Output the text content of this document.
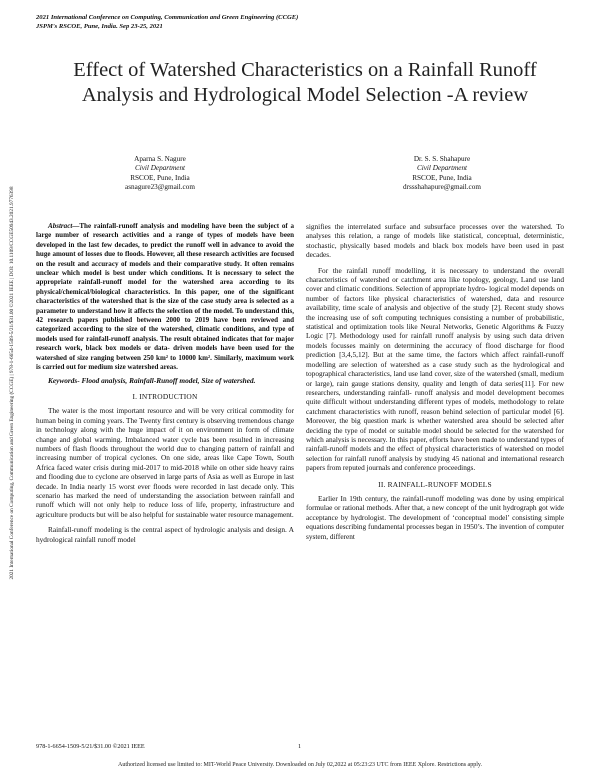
2021 International Conference on Computing, Communication and Green Engineering (CCGE)
JSPM's RSCOE, Pune, India. Sep 23-25, 2021
2021 International Conference on Computing, Communication and Green Engineering (CCGE) | 978-1-6654-1509-5/21/$31.00 ©2021 IEEE | DOI: 10.1109/CCGE50943.2021.9776398
Effect of Watershed Characteristics on a Rainfall Runoff Analysis and Hydrological Model Selection -A review
Aparna S. Nagure
Civil Department
RSCOE, Pune, India
asnagure23@gmail.com
Dr. S. S. Shahapure
Civil Department
RSCOE, Pune, India
drssshahapure@gmail.com

Abstract—The rainfall-runoff analysis and modeling have been the subject of a large number of research activities and a range of types of models have been developed in the last few decades, to predict the runoff well in advance to avoid the huge amount of losses due to floods. However, all these research activities are focused on the result and accuracy of models and their comparative study. It often remains unclear which model is best under which conditions. It is necessary to select the appropriate rainfall-runoff model for the watershed area according to its physical/chemical/biological characteristics. In this paper, one of the significant characteristics of the watershed that is the size of the case study area is selected as a parameter to understand how it affects the selection of the model. To understand this, 42 research papers published between 2000 to 2019 have been reviewed and categorized according to the size of the watershed, climatic conditions, and type of models used for rainfall-runoff analysis. The result obtained indicates that for major research work, black box models or data- driven models have been used for the watershed of size ranging between 250 km² to 10000 km². Similarly, maximum work is carried out for medium size watershed areas.

Keywords- Flood analysis, Rainfall-Runoff model, Size of watershed.

I. INTRODUCTION

The water is the most important resource and will be very critical commodity for human being in coming years. The Twenty first century is observing tremendous change in technology along with the huge impact of it on environment in form of climate change and global warming. Imbalanced water cycle has been resulted in increasing numbers of flash floods throughout the world due to changing pattern of rainfall and increasing number of tropical cyclones. On one side, areas like Cape Town, South Africa faced water crisis during mid-2017 to mid-2018 while on other side heavy rains and flooding due to cyclone are observed in large parts of Asia as well as Europe in last decade. In India nearly 15 worst ever floods were recorded in last decade only. This scenario has marked the need of understanding the association between rainfall and runoff which will not only help to reduce loss of life, property, infrastructure and agriculture products but will be also helpful for sustainable water resource management.

Rainfall-runoff modeling is the central aspect of hydrologic analysis and design. A hydrological rainfall runoff model

signifies the interrelated surface and subsurface processes over the watershed. To analyses this relation, a range of models like statistical, conceptual, deterministic, stochastic, physically based models and black box models have been used in past decades.

For the rainfall runoff modelling, it is necessary to understand the overall characteristics of watershed or catchment area like topology, geology, Land use land cover and climatic conditions. Selection of appropriate hydro- logical model depends on number of factors like physical characteristics of watershed, data and resource availability, time scale of analysis and objective of the study [2]. Recent study shows the increasing use of soft computing techniques consisting a number of probabilistic, statistical and optimization tools like Neural Networks, Genetic Algorithms & Fuzzy Logic [7]. Methodology used for rainfall runoff analysis by using such data driven models focusses mainly on determining the accuracy of flood discharge for flood prediction [3,4,5,12]. But at the same time, the factors which affect rainfall-runoff modelling are selection of watershed as a case study such as the hydrological and topographical characteristics, land use land cover, size of the watershed (small, medium or large), rain gauge stations density, quality and length of data series[11]. For new researchers, understanding rainfall- runoff analysis and model development becomes quite difficult without understanding different types of models, methodology to relate catchment characteristics with runoff, reason behind selection of particular model [6]. Moreover, the big question mark is whether watershed area should be selected after deciding the type of model or suitable model should be selected for the watershed for which analysis is necessary. In this paper, efforts have been made to understand types of rainfall-runoff models and the effect of physical characteristics of watershed on model selection for rainfall runoff analysis by studying 45 national and international research papers from reputed journals and conference proceedings.

II. RAINFALL-RUNOFF MODELS

Earlier In 19th century, the rainfall-runoff modeling was done by using empirical formulae or rational methods. After that, a new concept of the unit hydrograph got wide acceptance by hydrologist. The development of ‘conceptual model’ consisting simple equations describing fundamental processes began in 1950’s. The invention of computer system, different

978-1-6654-1509-5/21/$31.00 ©2021 IEEE	1
Authorized licensed use limited to: MIT-World Peace University. Downloaded on July 02,2022 at 05:23:23 UTC from IEEE Xplore. Restrictions apply.
